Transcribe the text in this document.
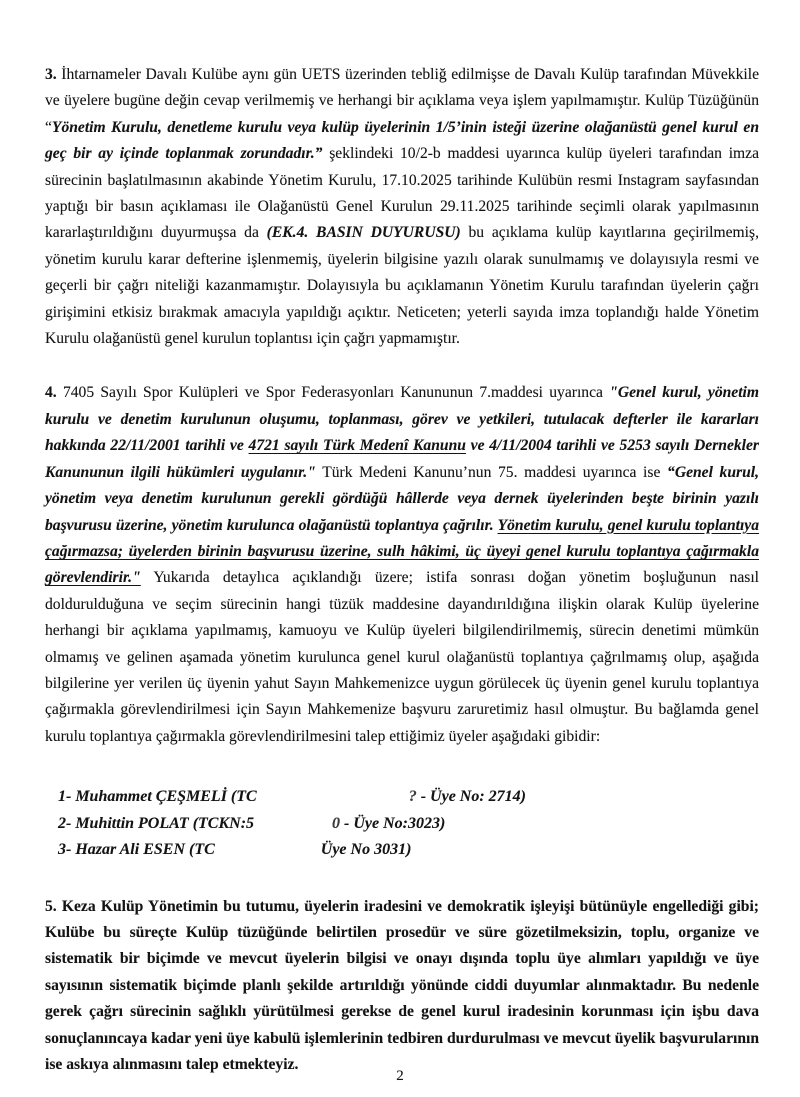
3. İhtarnameler Davalı Kulübe aynı gün UETS üzerinden tebliğ edilmişse de Davalı Kulüp tarafından Müvekkile ve üyelere bugüne değin cevap verilmemiş ve herhangi bir açıklama veya işlem yapılmamıştır. Kulüp Tüzüğünün “Yönetim Kurulu, denetleme kurulu veya kulüp üyelerinin 1/5’inin isteği üzerine olağanüstü genel kurul en geç bir ay içinde toplanmak zorundadır.” şeklindeki 10/2-b maddesi uyarınca kulüp üyeleri tarafından imza sürecinin başlatılmasının akabinde Yönetim Kurulu, 17.10.2025 tarihinde Kulübün resmi Instagram sayfasından yaptığı bir basın açıklaması ile Olağanüstü Genel Kurulun 29.11.2025 tarihinde seçimli olarak yapılmasının kararlaştırıldığını duyurmuşsa da (EK.4. BASIN DUYURUSU) bu açıklama kulüp kayıtlarına geçirilmemiş, yönetim kurulu karar defterine işlenmemiş, üyelerin bilgisine yazılı olarak sunulmamış ve dolayısıyla resmi ve geçerli bir çağrı niteliği kazanmamıştır. Dolayısıyla bu açıklamanın Yönetim Kurulu tarafından üyelerin çağrı girişimini etkisiz bırakmak amacıyla yapıldığı açıktır. Neticeten; yeterli sayıda imza toplandığı halde Yönetim Kurulu olağanüstü genel kurulun toplantısı için çağrı yapmamıştır.

4. 7405 Sayılı Spor Kulüpleri ve Spor Federasyonları Kanununun 7.maddesi uyarınca "Genel kurul, yönetim kurulu ve denetim kurulunun oluşumu, toplanması, görev ve yetkileri, tutulacak defterler ile kararları hakkında 22/11/2001 tarihli ve 4721 sayılı Türk Medenî Kanunu ve 4/11/2004 tarihli ve 5253 sayılı Dernekler Kanununun ilgili hükümleri uygulanır." Türk Medeni Kanunu’nun 75. maddesi uyarınca ise “Genel kurul, yönetim veya denetim kurulunun gerekli gördüğü hâllerde veya dernek üyelerinden beşte birinin yazılı başvurusu üzerine, yönetim kurulunca olağanüstü toplantıya çağrılır. Yönetim kurulu, genel kurulu toplantıya çağırmazsa; üyelerden birinin başvurusu üzerine, sulh hâkimi, üç üyeyi genel kurulu toplantıya çağırmakla görevlendirir." Yukarıda detaylıca açıklandığı üzere; istifa sonrası doğan yönetim boşluğunun nasıl doldurulduğuna ve seçim sürecinin hangi tüzük maddesine dayandırıldığına ilişkin olarak Kulüp üyelerine herhangi bir açıklama yapılmamış, kamuoyu ve Kulüp üyeleri bilgilendirilmemiş, sürecin denetimi mümkün olmamış ve gelinen aşamada yönetim kurulunca genel kurul olağanüstü toplantıya çağrılmamış olup, aşağıda bilgilerine yer verilen üç üyenin yahut Sayın Mahkemenizce uygun görülecek üç üyenin genel kurulu toplantıya çağırmakla görevlendirilmesi için Sayın Mahkemenize başvuru zaruretimiz hasıl olmuştur. Bu bağlamda genel kurulu toplantıya çağırmakla görevlendirilmesini talep ettiğimiz üyeler aşağıdaki gibidir:

1- Muhammet ÇEŞMELİ (TC	? - Üye No: 2714)
2- Muhittin POLAT (TCKN:5	0 - Üye No:3023)
3- Hazar Ali ESEN (TC	Üye No 3031)

5. Keza Kulüp Yönetimin bu tutumu, üyelerin iradesini ve demokratik işleyişi bütünüyle engellediği gibi; Kulübe bu süreçte Kulüp tüzüğünde belirtilen prosedür ve süre gözetilmeksizin, toplu, organize ve sistematik bir biçimde ve mevcut üyelerin bilgisi ve onayı dışında toplu üye alımları yapıldığı ve üye sayısının sistematik biçimde planlı şekilde artırıldığı yönünde ciddi duyumlar alınmaktadır. Bu nedenle gerek çağrı sürecinin sağlıklı yürütülmesi gerekse de genel kurul iradesinin korunması için işbu dava sonuçlanıncaya kadar yeni üye kabulü işlemlerinin tedbiren durdurulması ve mevcut üyelik başvurularının ise askıya alınmasını talep etmekteyiz.

2
